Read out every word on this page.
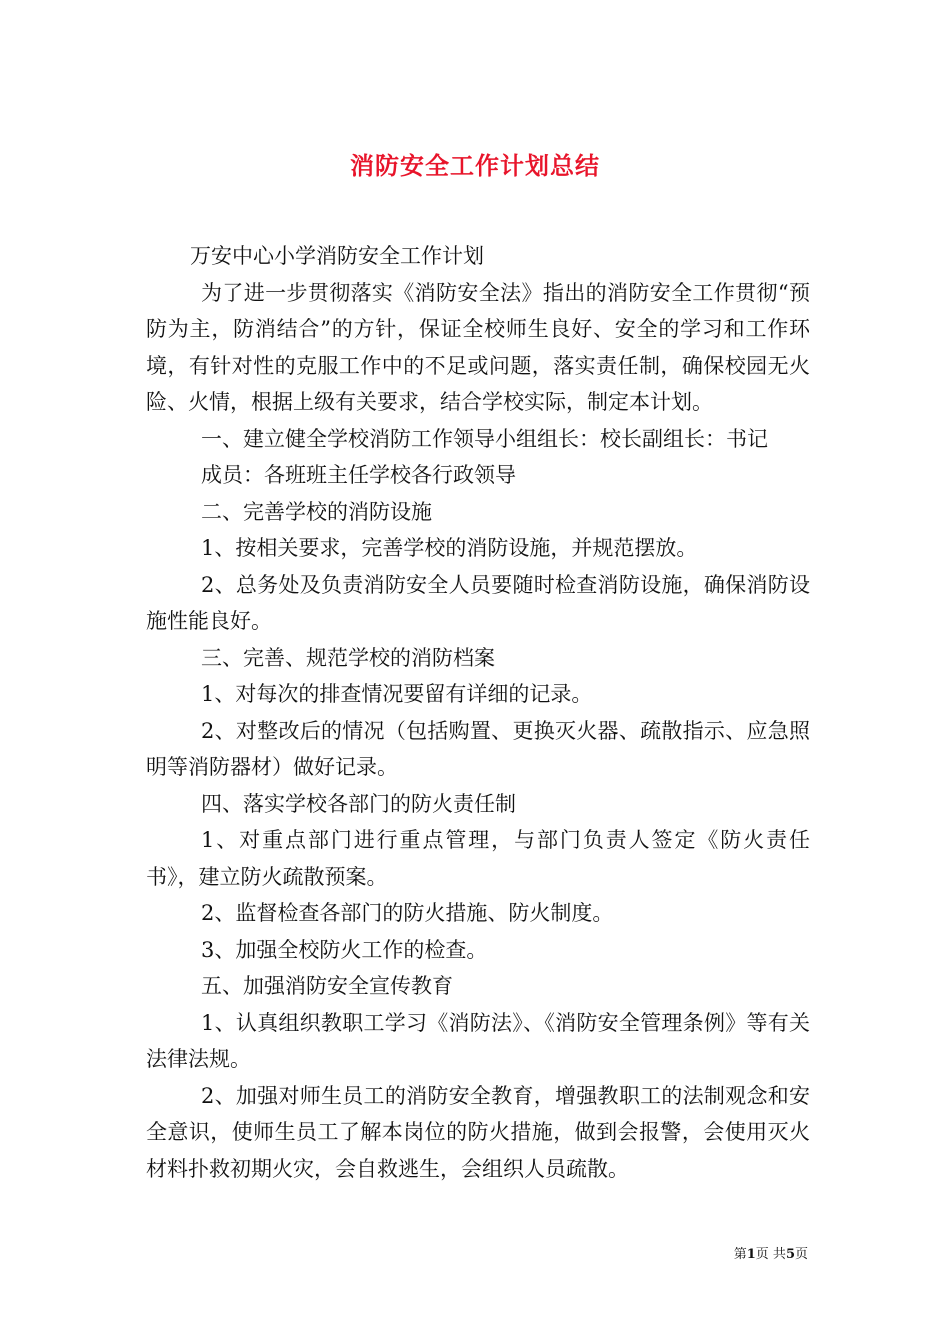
消防安全工作计划总结

万安中心小学消防安全工作计划

为了进一步贯彻落实《消防安全法》指出的消防安全工作贯彻“预防为主，防消结合”的方针，保证全校师生良好、安全的学习和工作环境，有针对性的克服工作中的不足或问题，落实责任制，确保校园无火险、火情，根据上级有关要求，结合学校实际，制定本计划。

一、建立健全学校消防工作领导小组组长：校长副组长：书记

成员：各班班主任学校各行政领导

二、完善学校的消防设施

1、按相关要求，完善学校的消防设施，并规范摆放。

2、总务处及负责消防安全人员要随时检查消防设施，确保消防设施性能良好。

三、完善、规范学校的消防档案

1、对每次的排查情况要留有详细的记录。

2、对整改后的情况（包括购置、更换灭火器、疏散指示、应急照明等消防器材）做好记录。

四、落实学校各部门的防火责任制

1、对重点部门进行重点管理，与部门负责人签定《防火责任书》，建立防火疏散预案。

2、监督检查各部门的防火措施、防火制度。

3、加强全校防火工作的检查。

五、加强消防安全宣传教育

1、认真组织教职工学习《消防法》、《消防安全管理条例》等有关法律法规。

2、加强对师生员工的消防安全教育，增强教职工的法制观念和安全意识，使师生员工了解本岗位的防火措施，做到会报警，会使用灭火材料扑救初期火灾，会自救逃生，会组织人员疏散。

第1页 共5页
